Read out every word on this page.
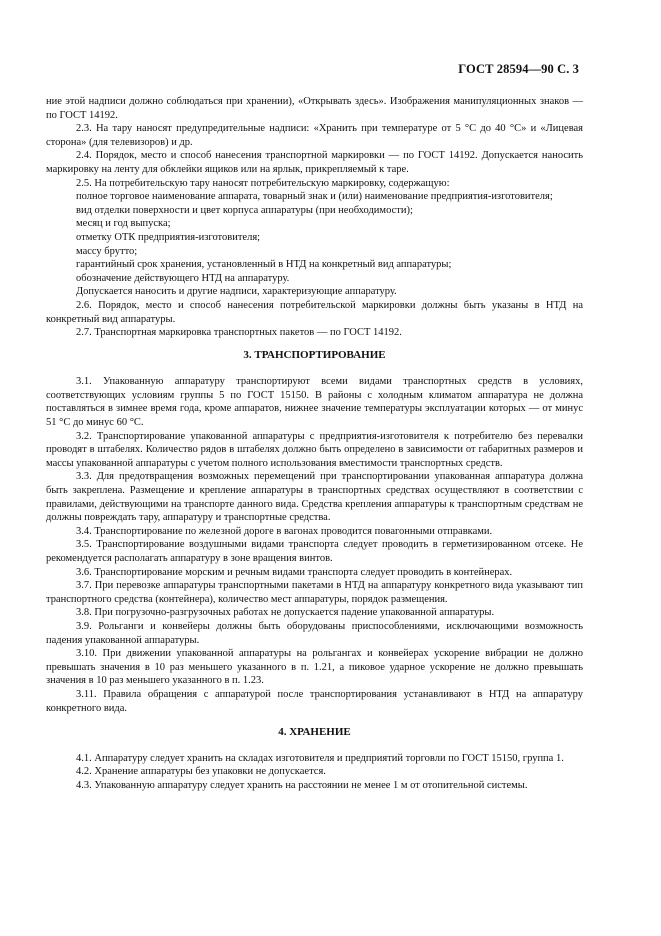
ГОСТ 28594—90 С. 3

ние этой надписи должно соблюдаться при хранении), «Открывать здесь». Изображения манипуляционных знаков — по ГОСТ 14192.

2.3. На тару наносят предупредительные надписи: «Хранить при температуре от 5 °С до 40 °С» и «Лицевая сторона» (для телевизоров) и др.

2.4. Порядок, место и способ нанесения транспортной маркировки — по ГОСТ 14192. Допускается наносить маркировку на ленту для обклейки ящиков или на ярлык, прикрепляемый к таре.

2.5. На потребительскую тару наносят потребительскую маркировку, содержащую:

полное торговое наименование аппарата, товарный знак и (или) наименование предприятия-изготовителя;

вид отделки поверхности и цвет корпуса аппаратуры (при необходимости);

месяц и год выпуска;

отметку ОТК предприятия-изготовителя;

массу брутто;

гарантийный срок хранения, установленный в НТД на конкретный вид аппаратуры;

обозначение действующего НТД на аппаратуру.

Допускается наносить и другие надписи, характеризующие аппаратуру.

2.6. Порядок, место и способ нанесения потребительской маркировки должны быть указаны в НТД на конкретный вид аппаратуры.

2.7. Транспортная маркировка транспортных пакетов — по ГОСТ 14192.

3. ТРАНСПОРТИРОВАНИЕ

3.1. Упакованную аппаратуру транспортируют всеми видами транспортных средств в условиях, соответствующих условиям группы 5 по ГОСТ 15150. В районы с холодным климатом аппаратура не должна поставляться в зимнее время года, кроме аппаратов, нижнее значение температуры эксплуатации которых — от минус 51 °С до минус 60 °С.

3.2. Транспортирование упакованной аппаратуры с предприятия-изготовителя к потребителю без перевалки проводят в штабелях. Количество рядов в штабелях должно быть определено в зависимости от габаритных размеров и массы упакованной аппаратуры с учетом полного использования вместимости транспортных средств.

3.3. Для предотвращения возможных перемещений при транспортировании упакованная аппаратура должна быть закреплена. Размещение и крепление аппаратуры в транспортных средствах осуществляют в соответствии с правилами, действующими на транспорте данного вида. Средства крепления аппаратуры к транспортным средствам не должны повреждать тару, аппаратуру и транспортные средства.

3.4. Транспортирование по железной дороге в вагонах проводится повагонными отправками.

3.5. Транспортирование воздушными видами транспорта следует проводить в герметизированном отсеке. Не рекомендуется располагать аппаратуру в зоне вращения винтов.

3.6. Транспортирование морским и речным видами транспорта следует проводить в контейнерах.

3.7. При перевозке аппаратуры транспортными пакетами в НТД на аппаратуру конкретного вида указывают тип транспортного средства (контейнера), количество мест аппаратуры, порядок размещения.

3.8. При погрузочно-разгрузочных работах не допускается падение упакованной аппаратуры.

3.9. Рольганги и конвейеры должны быть оборудованы приспособлениями, исключающими возможность падения упакованной аппаратуры.

3.10. При движении упакованной аппаратуры на рольгангах и конвейерах ускорение вибрации не должно превышать значения в 10 раз меньшего указанного в п. 1.21, а пиковое ударное ускорение не должно превышать значения в 10 раз меньшего указанного в п. 1.23.

3.11. Правила обращения с аппаратурой после транспортирования устанавливают в НТД на аппаратуру конкретного вида.

4. ХРАНЕНИЕ

4.1. Аппаратуру следует хранить на складах изготовителя и предприятий торговли по ГОСТ 15150, группа 1.

4.2. Хранение аппаратуры без упаковки не допускается.

4.3. Упакованную аппаратуру следует хранить на расстоянии не менее 1 м от отопительной системы.
